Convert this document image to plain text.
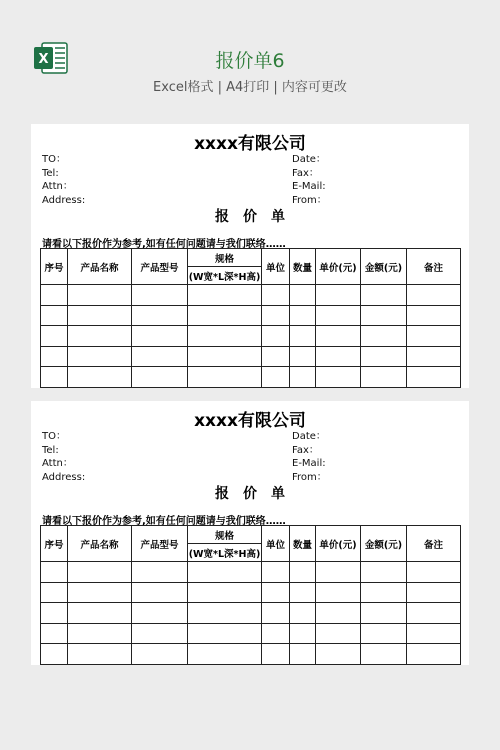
X	报价单6
Excel格式 | A4打印 | 内容可更改
xxxx有限公司
TO：
Tel:
Attn：
Address:
Date：
Fax：
E-Mail:
From：
报价单
请看以下报价作为参考,如有任何问题请与我们联络……
序号	产品名称	产品型号	规格	单位	数量	单价(元)	金额(元)	备注
			(W宽*L深*H高)					

xxxx有限公司
TO：
Tel:
Attn：
Address:
Date：
Fax：
E-Mail:
From：
报价单
请看以下报价作为参考,如有任何问题请与我们联络……
序号	产品名称	产品型号	规格	单位	数量	单价(元)	金额(元)	备注
			(W宽*L深*H高)					
